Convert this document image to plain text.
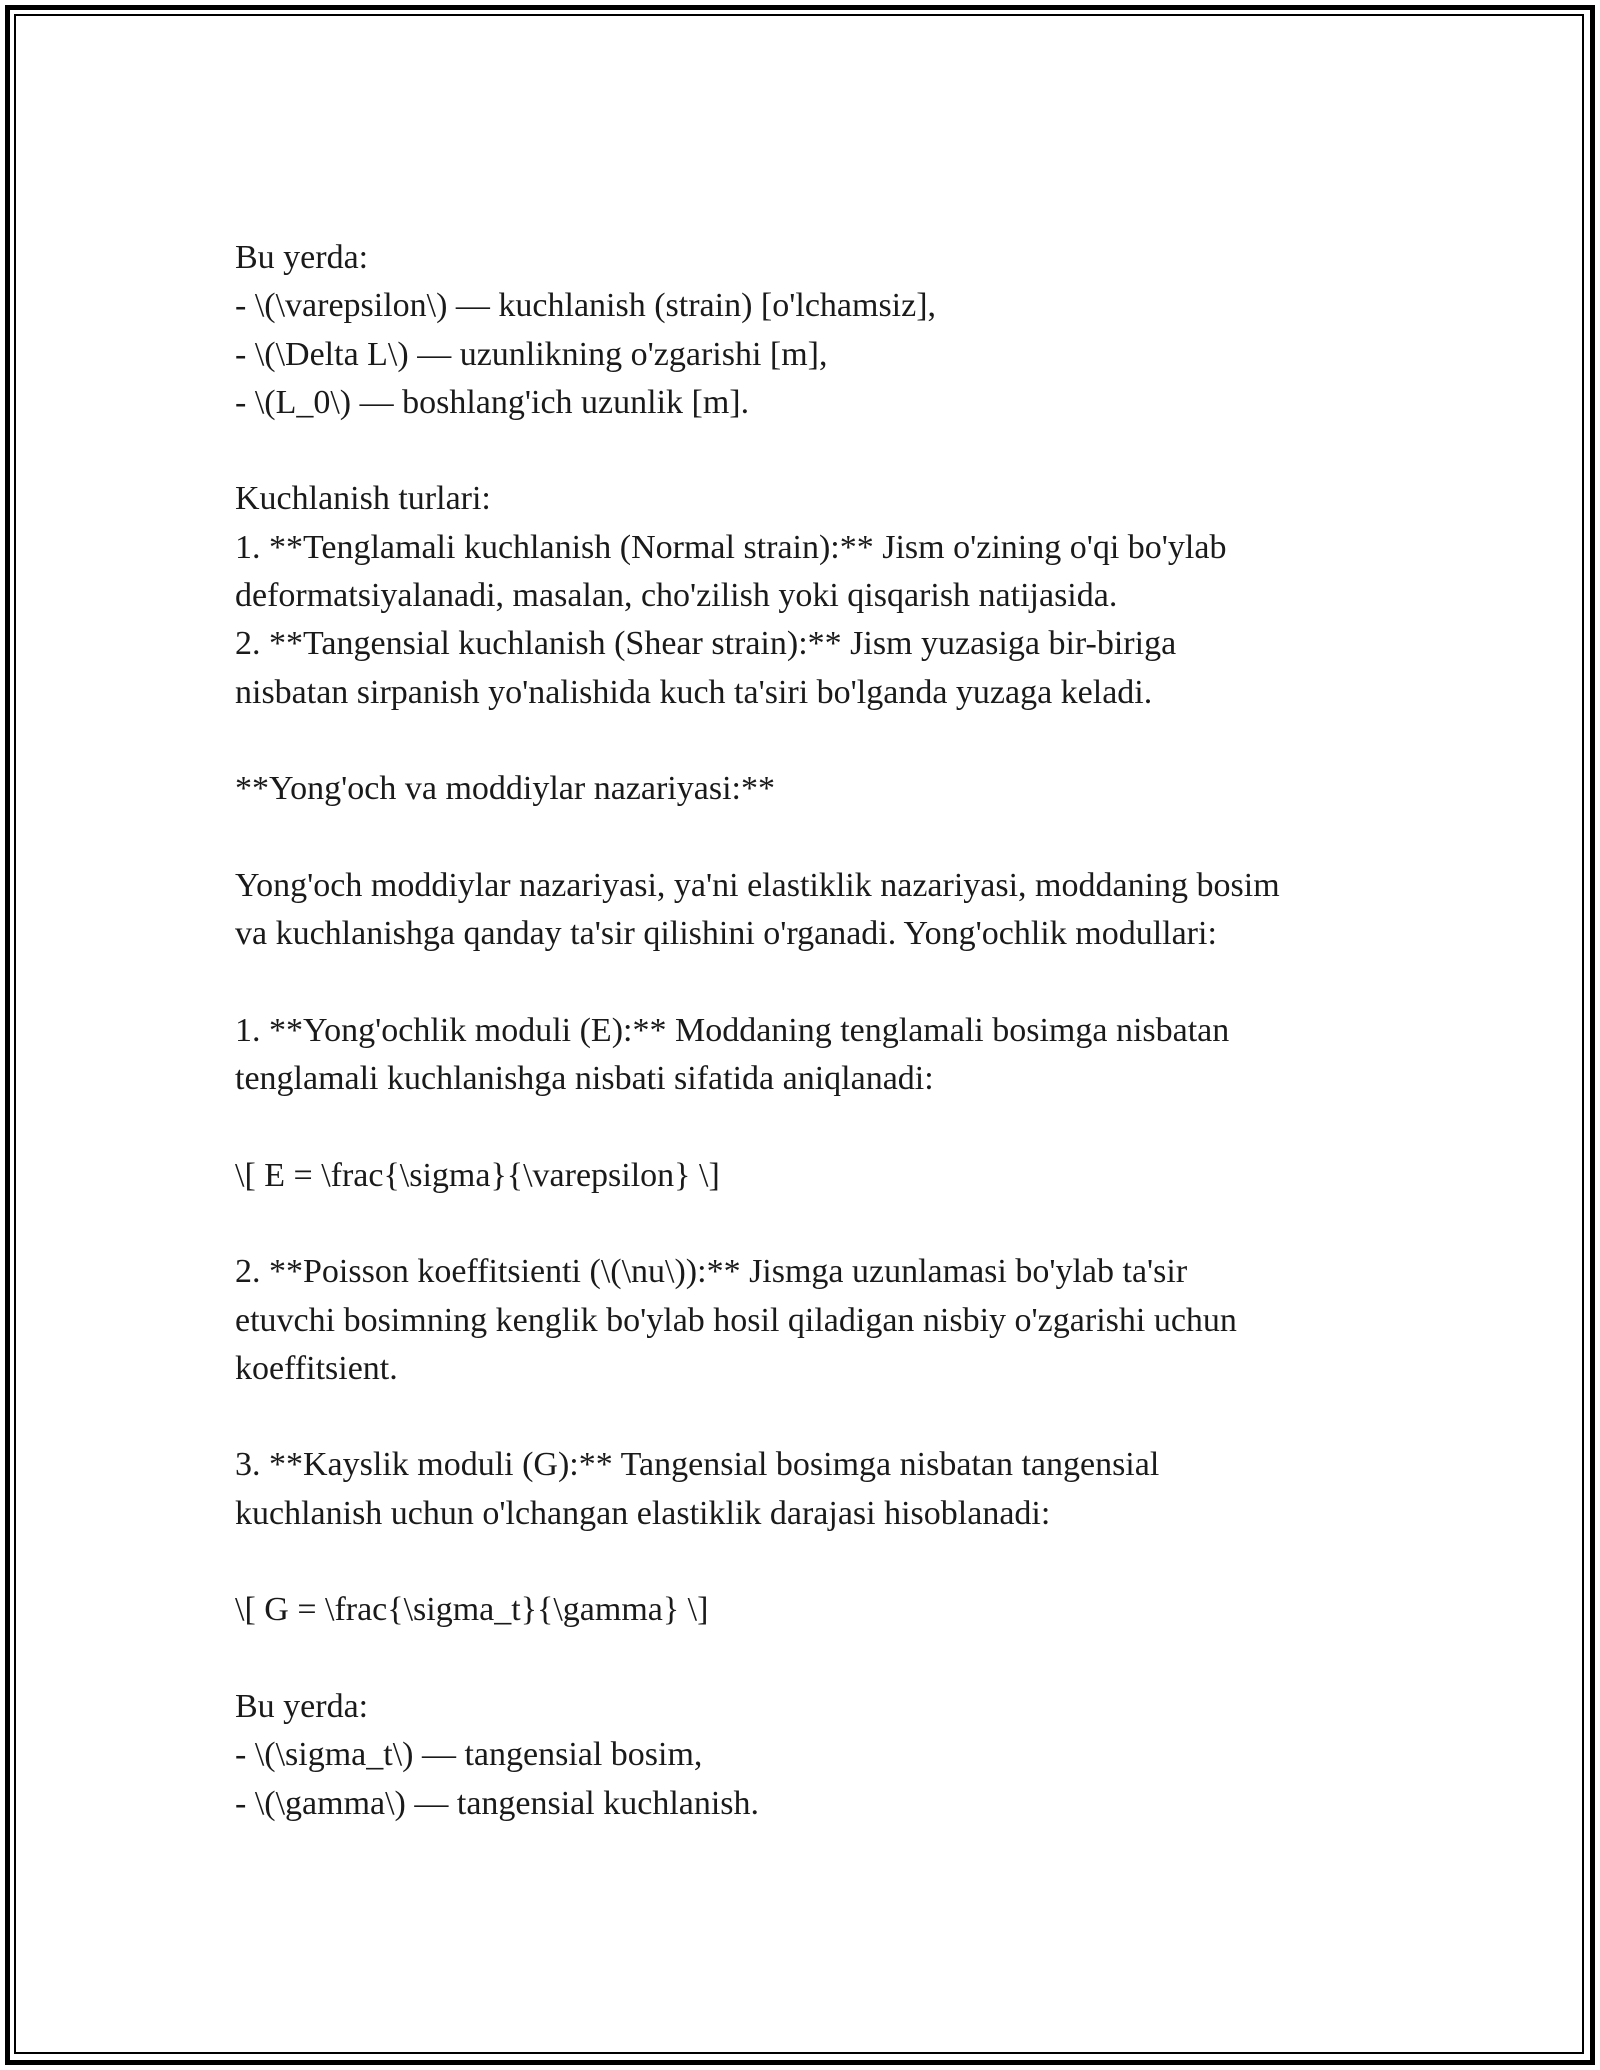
Bu yerda:
- \(\varepsilon\) — kuchlanish (strain) [o'lchamsiz],
- \(\Delta L\) — uzunlikning o'zgarishi [m],
- \(L_0\) — boshlang'ich uzunlik [m].
Kuchlanish turlari:
1. **Tenglamali kuchlanish (Normal strain):** Jism o'zining o'qi bo'ylab
deformatsiyalanadi, masalan, cho'zilish yoki qisqarish natijasida.
2. **Tangensial kuchlanish (Shear strain):** Jism yuzasiga bir-biriga
nisbatan sirpanish yo'nalishida kuch ta'siri bo'lganda yuzaga keladi.
**Yong'och va moddiylar nazariyasi:**
Yong'och moddiylar nazariyasi, ya'ni elastiklik nazariyasi, moddaning bosim
va kuchlanishga qanday ta'sir qilishini o'rganadi. Yong'ochlik modullari:
1. **Yong'ochlik moduli (E):** Moddaning tenglamali bosimga nisbatan
tenglamali kuchlanishga nisbati sifatida aniqlanadi:
\[ E = \frac{\sigma}{\varepsilon} \]
2. **Poisson koeffitsienti (\(\nu\)):** Jismga uzunlamasi bo'ylab ta'sir
etuvchi bosimning kenglik bo'ylab hosil qiladigan nisbiy o'zgarishi uchun
koeffitsient.
3. **Kayslik moduli (G):** Tangensial bosimga nisbatan tangensial
kuchlanish uchun o'lchangan elastiklik darajasi hisoblanadi:
\[ G = \frac{\sigma_t}{\gamma} \]
Bu yerda:
- \(\sigma_t\) — tangensial bosim,
- \(\gamma\) — tangensial kuchlanish.
